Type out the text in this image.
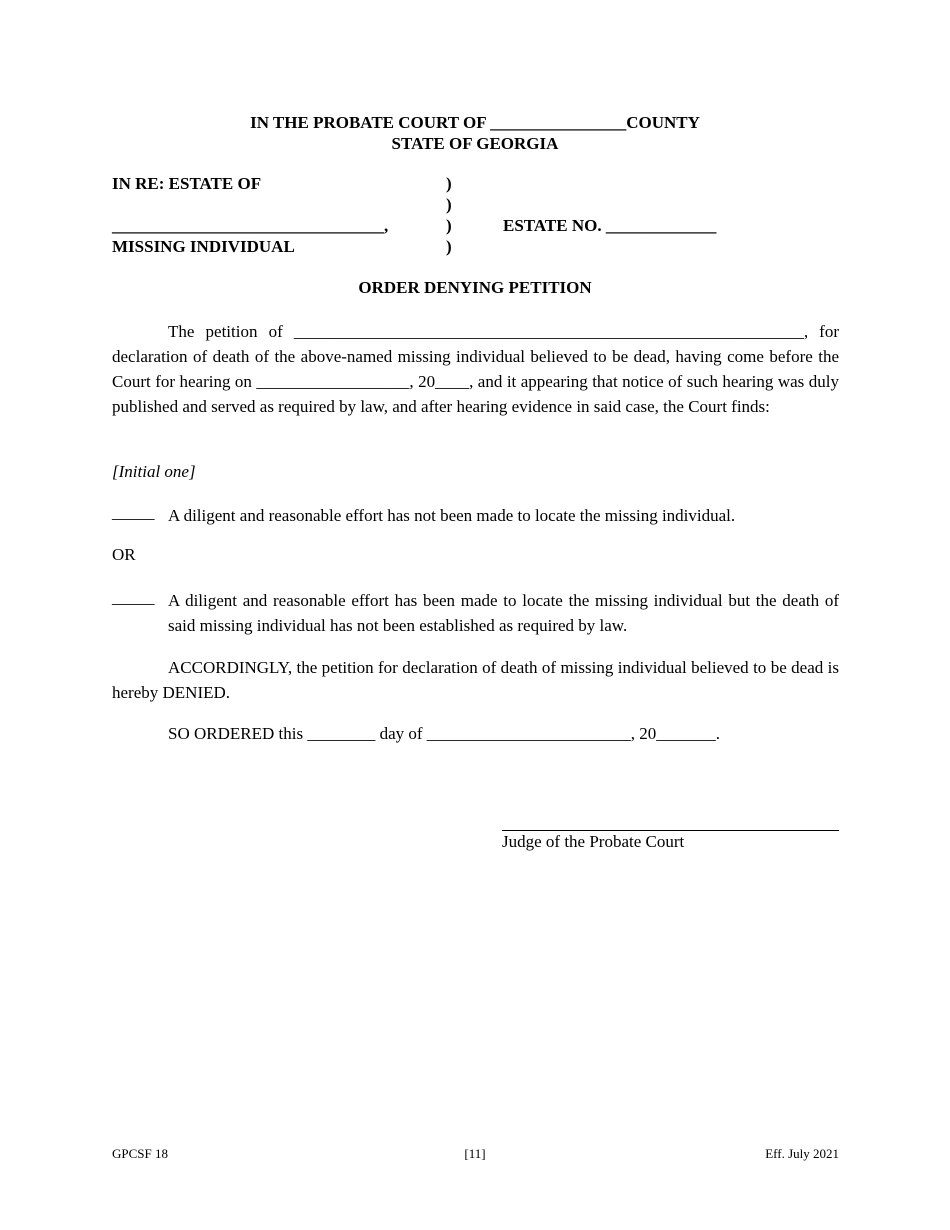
IN THE PROBATE COURT OF ________________COUNTY
STATE OF GEORGIA
IN RE: ESTATE OF	)
)
________________________________,	)	ESTATE NO. _____________
MISSING INDIVIDUAL	)
ORDER DENYING PETITION
The petition of ____________________________________________________________, for declaration of death of the above-named missing individual believed to be dead, having come before the Court for hearing on __________________, 20____, and it appearing that notice of such hearing was duly published and served as required by law, and after hearing evidence in said case, the Court finds:
[Initial one]
_____ A diligent and reasonable effort has not been made to locate the missing individual.
OR
_____ A diligent and reasonable effort has been made to locate the missing individual but the death of said missing individual has not been established as required by law.
ACCORDINGLY, the petition for declaration of death of missing individual believed to be dead is hereby DENIED.
SO ORDERED this ________ day of ________________________, 20_______.
Judge of the Probate Court
GPCSF 18	[11]	Eff. July 2021
